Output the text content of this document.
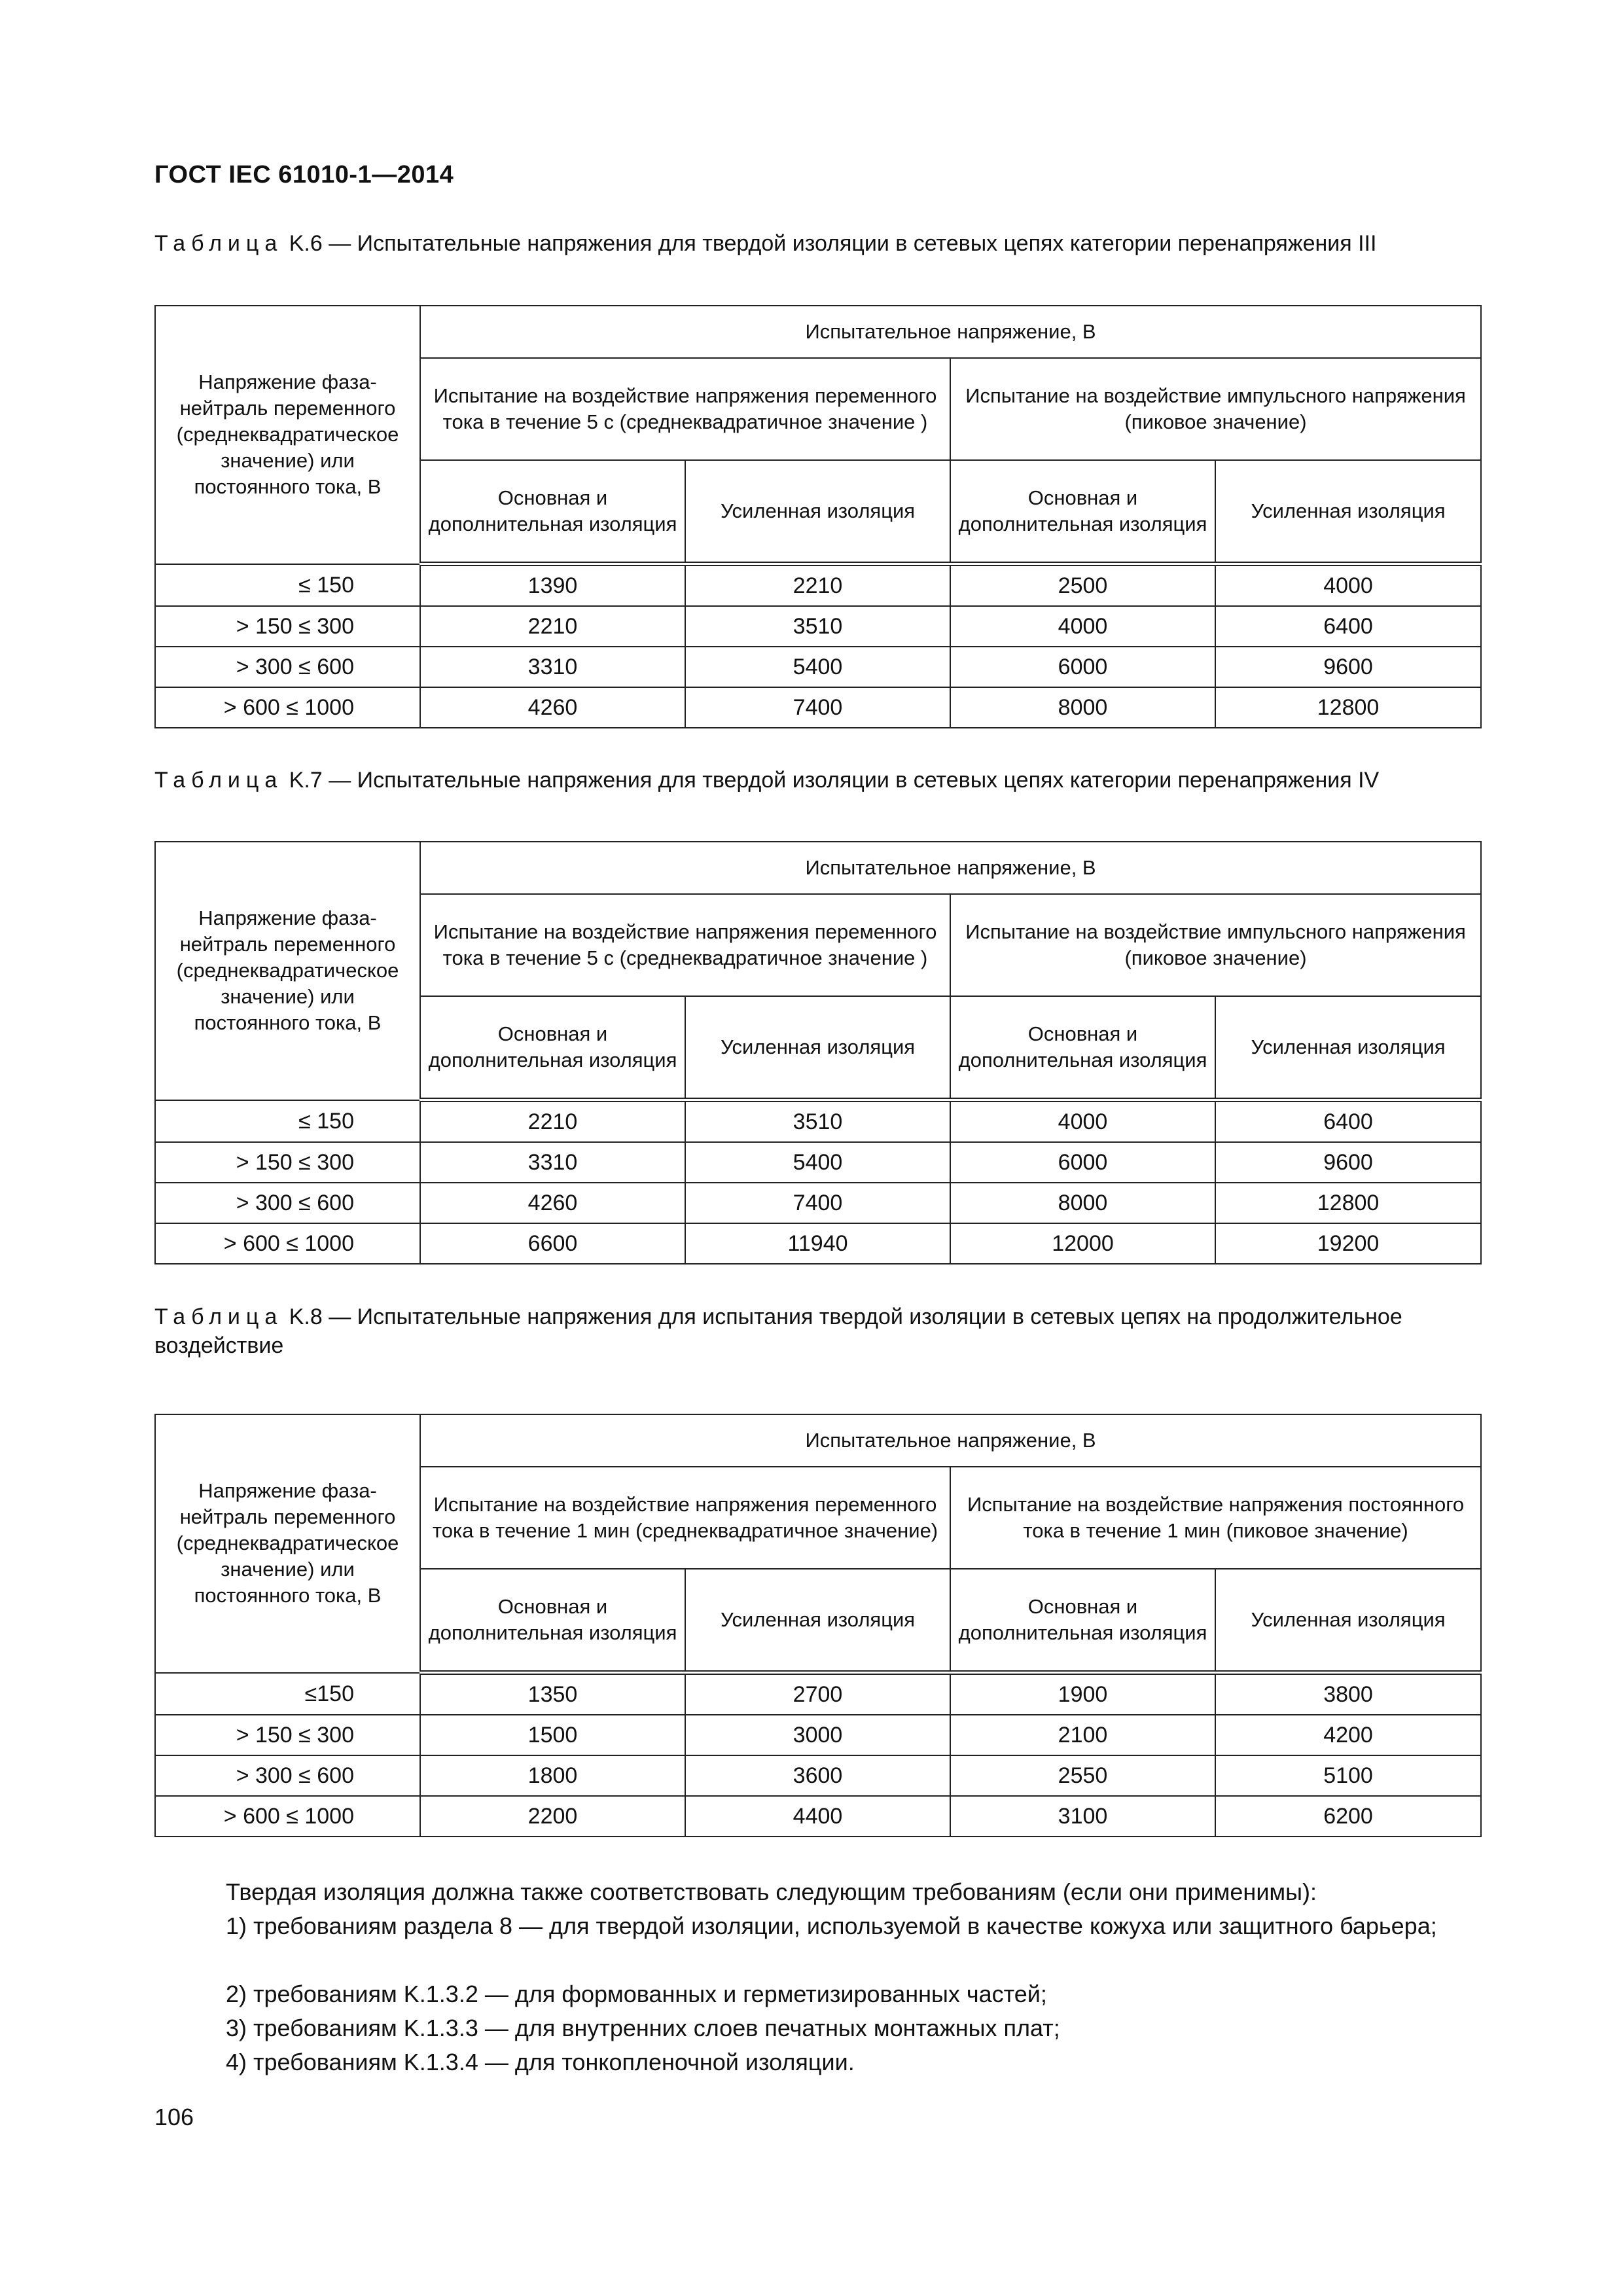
ГОСТ IEC 61010-1—2014
Таблица K.6 — Испытательные напряжения для твердой изоляции в сетевых цепях категории перенапряжения III
Напряжение фаза-нейтраль переменного (среднеквадратическое значение) или постоянного тока, В	Испытательное напряжение, В			
	Испытание на воздействие напряжения переменного тока в течение 5 с (среднеквадратичное значение )		Испытание на воздействие импульсного напряжения (пиковое значение)	
	Основная и дополнительная изоляция	Усиленная изоляция	Основная и дополнительная изоляция	Усиленная изоляция
≤ 150	1390	2210	2500	4000
> 150 ≤ 300	2210	3510	4000	6400
> 300 ≤ 600	3310	5400	6000	9600
> 600 ≤ 1000	4260	7400	8000	12800
Таблица K.7 — Испытательные напряжения для твердой изоляции в сетевых цепях категории перенапряжения IV
Напряжение фаза-нейтраль переменного (среднеквадратическое значение) или постоянного тока, В	Испытательное напряжение, В			
	Испытание на воздействие напряжения переменного тока в течение 5 с (среднеквадратичное значение )		Испытание на воздействие импульсного напряжения (пиковое значение)	
	Основная и дополнительная изоляция	Усиленная изоляция	Основная и дополнительная изоляция	Усиленная изоляция
≤ 150	2210	3510	4000	6400
> 150 ≤ 300	3310	5400	6000	9600
> 300 ≤ 600	4260	7400	8000	12800
> 600 ≤ 1000	6600	11940	12000	19200
Таблица K.8 — Испытательные напряжения для испытания твердой изоляции в сетевых цепях на продолжительное воздействие
Напряжение фаза-нейтраль переменного (среднеквадратическое значение) или постоянного тока, В	Испытательное напряжение, В			
	Испытание на воздействие напряжения переменного тока в течение 1 мин (среднеквадратичное значение)		Испытание на воздействие напряжения постоянного тока в течение 1 мин (пиковое значение)	
	Основная и дополнительная изоляция	Усиленная изоляция	Основная и дополнительная изоляция	Усиленная изоляция
≤150	1350	2700	1900	3800
> 150 ≤ 300	1500	3000	2100	4200
> 300 ≤ 600	1800	3600	2550	5100
> 600 ≤ 1000	2200	4400	3100	6200
Твердая изоляция должна также соответствовать следующим требованиям (если они применимы):
1) требованиям раздела 8 — для твердой изоляции, используемой в качестве кожуха или защитного барьера;
2) требованиям K.1.3.2 — для формованных и герметизированных частей;
3) требованиям K.1.3.3 — для внутренних слоев печатных монтажных плат;
4) требованиям K.1.3.4 — для тонкопленочной изоляции.
106
